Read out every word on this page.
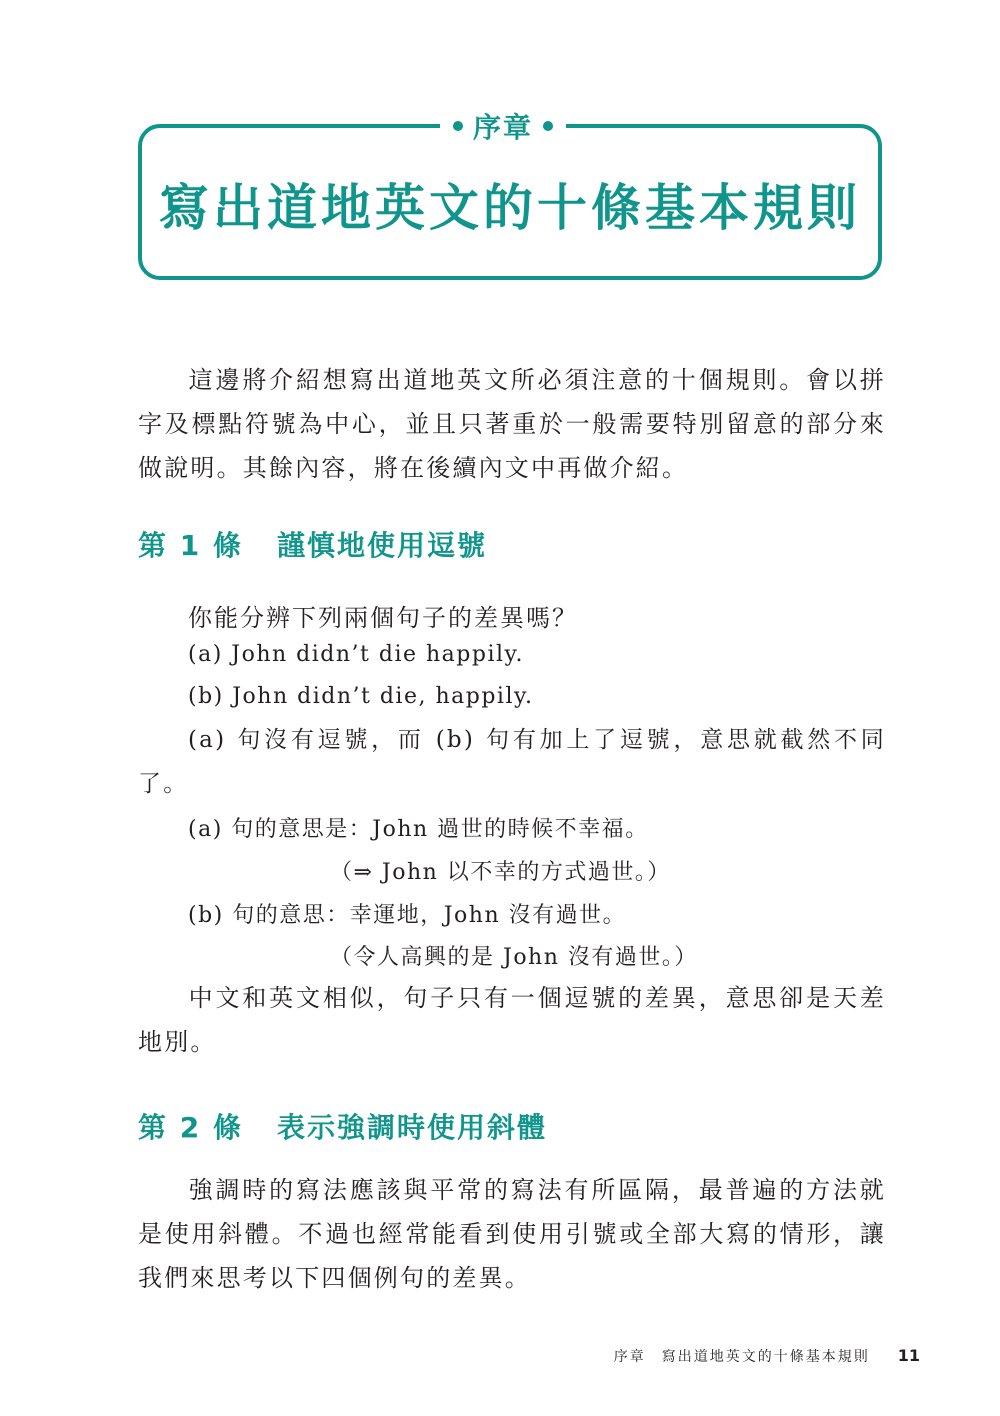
序章
寫出道地英文的十條基本規則

這邊將介紹想寫出道地英文所必須注意的十個規則。會以拼字及標點符號為中心，並且只著重於一般需要特別留意的部分來做說明。其餘內容，將在後續內文中再做介紹。

第 1 條 謹慎地使用逗號

你能分辨下列兩個句子的差異嗎？

(a) John didn’t die happily.

(b) John didn’t die, happily.

(a) 句沒有逗號，而 (b) 句有加上了逗號，意思就截然不同了。

(a) 句的意思是：John 過世的時候不幸福。

（⇒ John 以不幸的方式過世。）

(b) 句的意思：幸運地，John 沒有過世。

（令人高興的是 John 沒有過世。）

中文和英文相似，句子只有一個逗號的差異，意思卻是天差地別。

第 2 條 表示強調時使用斜體

強調時的寫法應該與平常的寫法有所區隔，最普遍的方法就是使用斜體。不過也經常能看到使用引號或全部大寫的情形，讓我們來思考以下四個例句的差異。

序章　寫出道地英文的十條基本規則 11
